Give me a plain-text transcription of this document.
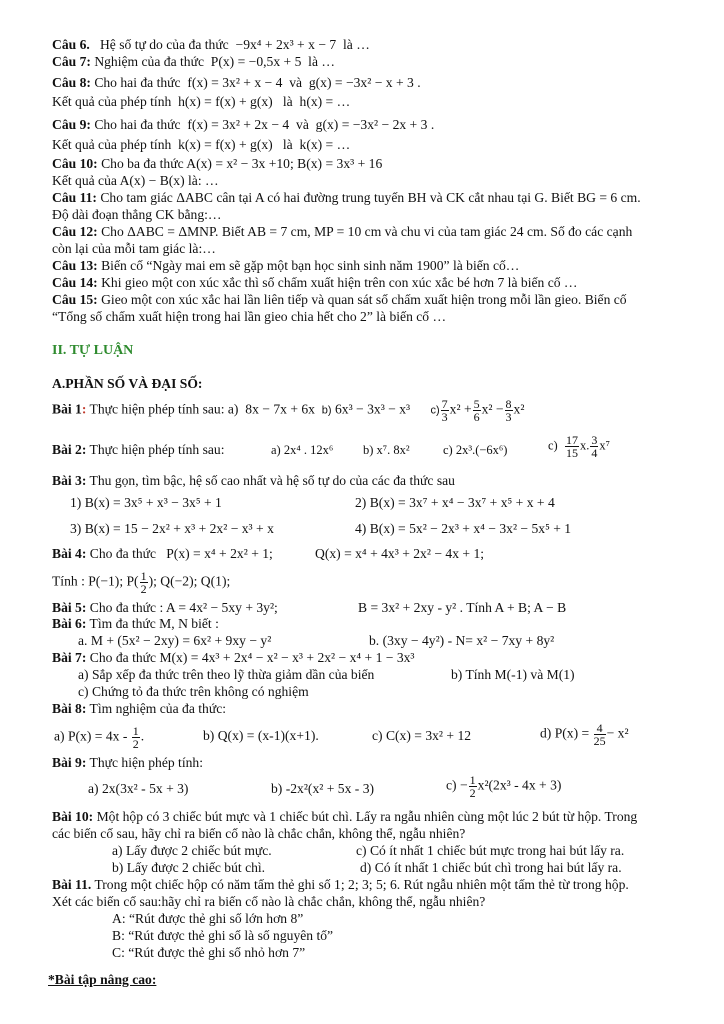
Câu 6. Hệ số tự do của đa thức −9x⁴ + 2x³ + x − 7 là …
Câu 7: Nghiệm của đa thức P(x) = −0,5x + 5 là …
Câu 8: Cho hai đa thức f(x) = 3x² + x − 4 và g(x) = −3x² − x + 3 .
Kết quả của phép tính h(x) = f(x) + g(x) là h(x) = …
Câu 9: Cho hai đa thức f(x) = 3x² + 2x − 4 và g(x) = −3x² − 2x + 3 .
Kết quả của phép tính k(x) = f(x) + g(x) là k(x) = …
Câu 10: Cho ba đa thức A(x) = x² − 3x +10; B(x) = 3x³ + 16
Kết quả của A(x) − B(x) là: …
Câu 11: Cho tam giác ΔABC cân tại A có hai đường trung tuyến BH và CK cắt nhau tại G. Biết BG = 6 cm.
Độ dài đoạn thẳng CK bằng:…
Câu 12: Cho ΔABC = ΔMNP. Biết AB = 7 cm, MP = 10 cm và chu vi của tam giác 24 cm. Số đo các cạnh
còn lại của mỗi tam giác là:…
Câu 13: Biến cố “Ngày mai em sẽ gặp một bạn học sinh sinh năm 1900” là biến cố…
Câu 14: Khi gieo một con xúc xắc thì số chấm xuất hiện trên con xúc xắc bé hơn 7 là biến cố …
Câu 15: Gieo một con xúc xắc hai lần liên tiếp và quan sát số chấm xuất hiện trong mỗi lần gieo. Biến cố
“Tổng số chấm xuất hiện trong hai lần gieo chia hết cho 2” là biến cố …
II. TỰ LUẬN
A.PHẦN SỐ VÀ ĐẠI SỐ:
Bài 1: Thực hiện phép tính sau: a) 8x − 7x + 6x b) 6x³ − 3x³ − x³ $c) \frac{7}{3} x^2 + \frac{5}{6} x^2 - \frac{8}{3} x^2$
Bài 2: Thực hiện phép tính sau:	a) 2x⁴ . 12x⁶ b) x⁷. 8x²	c) 2x³.(−6x⁶)	$c) \frac{17}{15} x$. $\frac{3}{4} x^7$
Bài 3: Thu gọn, tìm bậc, hệ số cao nhất và hệ số tự do của các đa thức sau
1) B(x) = 3x⁵ + x³ − 3x⁵ + 1	2) B(x) = 3x⁷ + x⁴ − 3x⁷ + x⁵ + x + 4
3) B(x) = 15 − 2x² + x³ + 2x² − x³ + x	4) B(x) = 5x² − 2x³ + x⁴ − 3x² − 5x⁵ + 1
Bài 4: Cho đa thức P(x) = x⁴ + 2x² + 1;	Q(x) = x⁴ + 4x³ + 2x² − 4x + 1;
Tính : P(−1); $P( \frac{1}{2}$ ); Q(−2); Q(1);
Bài 5: Cho đa thức : A = 4x² − 5xy + 3y²;	B = 3x² + 2xy - y² . Tính A + B; A − B
Bài 6: Tìm đa thức M, N biết :
a. M + (5x² − 2xy) = 6x² + 9xy − y²	b. (3xy − 4y²) - N= x² − 7xy + 8y²
Bài 7: Cho đa thức M(x) = 4x³ + 2x⁴ − x² − x³ + 2x² − x⁴ + 1 − 3x³
a) Sắp xếp đa thức trên theo lỹ thừa giảm dần của biến	b) Tính M(-1) và M(1)
c) Chứng tỏ đa thức trên không có nghiệm
Bài 8: Tìm nghiệm của đa thức:
a) $P(x) = 4x - \frac{1}{2}$ .	b) Q(x) = (x-1)(x+1).	c) C(x) = 3x² + 12	d) $P(x) = \frac{4}{25} - x^2$
Bài 9: Thực hiện phép tính:
a) 2x(3x² - 5x + 3)	b) -2x²(x² + 5x - 3)	$c) - \frac{1}{2} x^2(2x^3 - 4x + 3)$
Bài 10: Một hộp có 3 chiếc bút mực và 1 chiếc bút chì. Lấy ra ngẫu nhiên cùng một lúc 2 bút từ hộp. Trong
các biến cố sau, hãy chỉ ra biến cố nào là chắc chắn, không thể, ngẫu nhiên?
a) Lấy được 2 chiếc bút mực.	c) Có ít nhất 1 chiếc bút mực trong hai bút lấy ra.
b) Lấy được 2 chiếc bút chì.	d) Có ít nhất 1 chiếc bút chì trong hai bút lấy ra.
Bài 11. Trong một chiếc hộp có năm tấm thẻ ghi số 1; 2; 3; 5; 6. Rút ngẫu nhiên một tấm thẻ từ trong hộp.
Xét các biến cố sau:hãy chỉ ra biến cố nào là chắc chắn, không thể, ngẫu nhiên?
A: “Rút được thẻ ghi số lớn hơn 8”
B: “Rút được thẻ ghi số là số nguyên tố”
C: “Rút được thẻ ghi số nhỏ hơn 7”
*Bài tập nâng cao:
